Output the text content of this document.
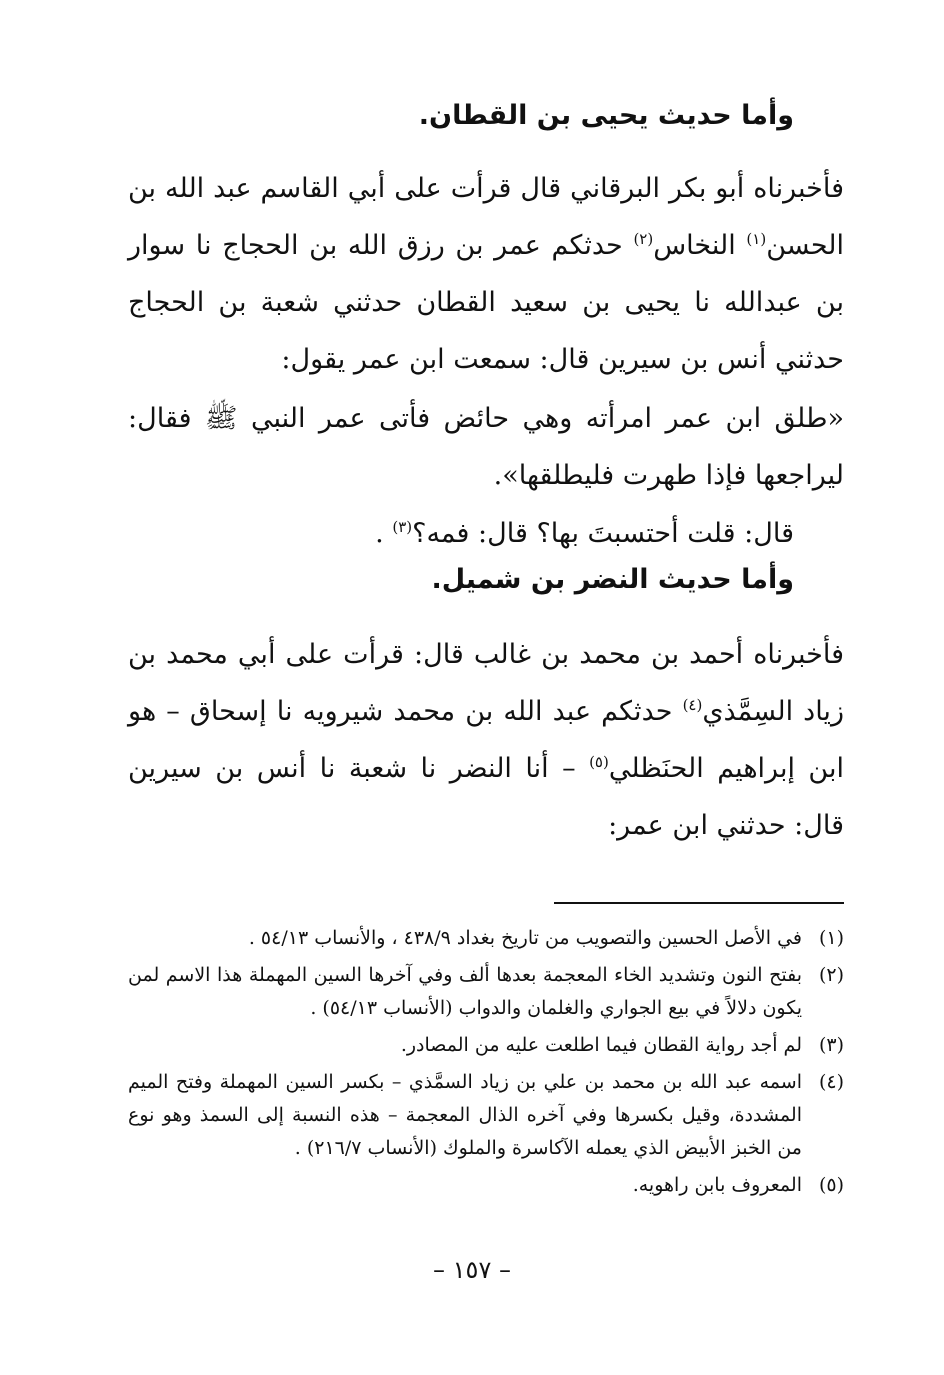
وأما حديث يحيى بن القطان.
فأخبرناه أبو بكر البرقاني قال قرأت على أبي القاسم عبد الله بن الحسن$^{(١)}$ النخاس$^{(٢)}$ حدثكم عمر بن رزق الله بن الحجاج نا سوار بن عبدالله نا يحيى بن سعيد القطان حدثني شعبة بن الحجاج حدثني أنس بن سيرين قال: سمعت ابن عمر يقول:
«طلق ابن عمر امرأته وهي حائض فأتى عمر النبي ﷺ فقال: ليراجعها فإذا طهرت فليطلقها».
قال: قلت أحتسبتَ بها؟ قال: فمه؟$^{(٣)}$ .
وأما حديث النضر بن شميل.
فأخبرناه أحمد بن محمد بن غالب قال: قرأت على أبي محمد بن زياد السِمَّذي$^{(٤)}$ حدثكم عبد الله بن محمد شيرويه نا إسحاق – هو ابن إبراهيم الحنَظلي$^{(٥)}$ – أنا النضر نا شعبة نا أنس بن سيرين قال: حدثني ابن عمر:
(١)
في الأصل الحسين والتصويب من تاريخ بغداد ٤٣٨/٩ ، والأنساب ٥٤/١٣ .
(٢)
بفتح النون وتشديد الخاء المعجمة بعدها ألف وفي آخرها السين المهملة هذا الاسم لمن يكون دلالاً في بيع الجواري والغلمان والدواب (الأنساب ٥٤/١٣) .
(٣)
لم أجد رواية القطان فيما اطلعت عليه من المصادر.
(٤)
اسمه عبد الله بن محمد بن علي بن زياد السمَّذي – بكسر السين المهملة وفتح الميم المشددة، وقيل بكسرها وفي آخره الذال المعجمة – هذه النسبة إلى السمذ وهو نوع من الخبز الأبيض الذي يعمله الآكاسرة والملوك (الأنساب ٢١٦/٧) .
(٥)
المعروف بابن راهويه.
– ١٥٧ –
